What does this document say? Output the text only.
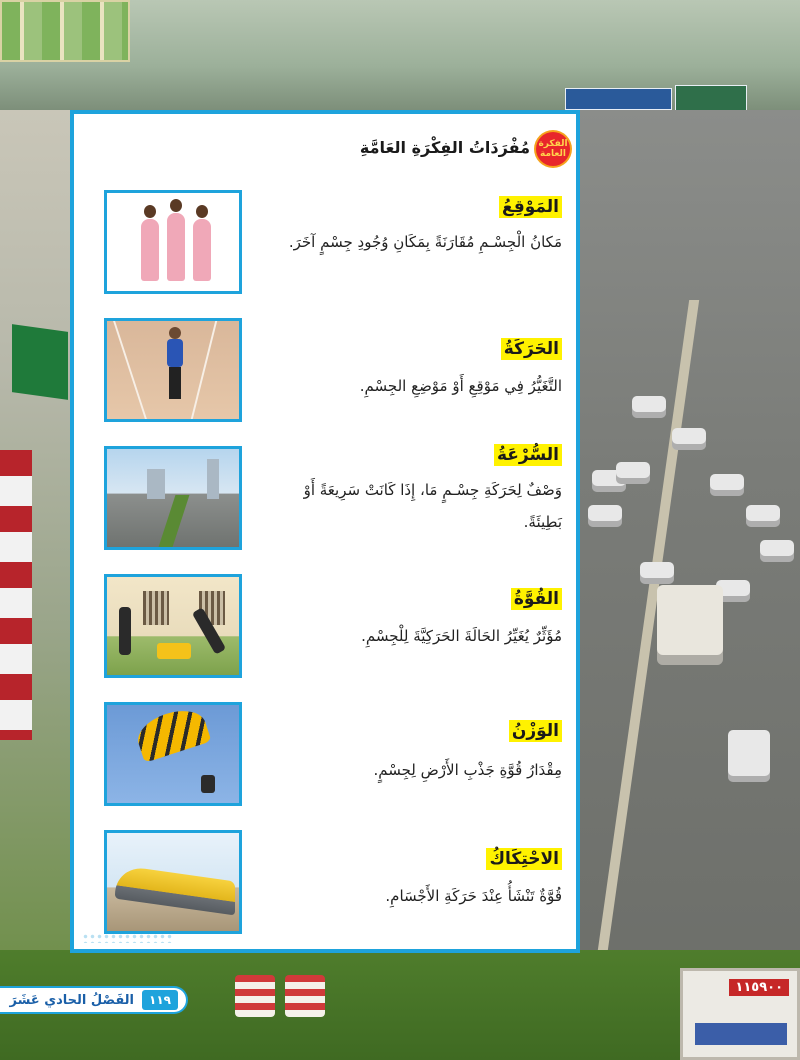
١١٥٩٠٠
الفكرة العامة
مُفْرَدَاتُ الفِكْرَةِ العَامَّةِ
المَوْقِعُ
مَكانُ الْجِسْـمِ مُقَارَنَةً بِمَكَانِ وُجُودِ جِسْمٍ آخَرَ.
الحَرَكَةُ
التَّغَيُّرُ فِي مَوْقِعِ أَوْ مَوْضِعِ الجِسْمِ.
السُّرْعَةُ
وَصْفٌ لِحَرَكَةِ جِسْـمٍ مَا، إِذَا كَانَتْ سَرِيعَةً أَوْ بَطِيئَةً.
القُوَّةُ
مُؤَثِّرٌ يُغَيِّرُ الحَالَةَ الحَرَكِيَّةَ لِلْجِسْمِ.
الوَزْنُ
مِقْدَارُ قُوَّةِ جَذْبِ الأَرْضِ لِجِسْمٍ.
الاحْتِكَاكُ
قُوَّةٌ تَنْشَأُ عِنْدَ حَرَكَةِ الأَجْسَامِ.
١١٩
الفَصْلُ الحادي عَشَرَ
